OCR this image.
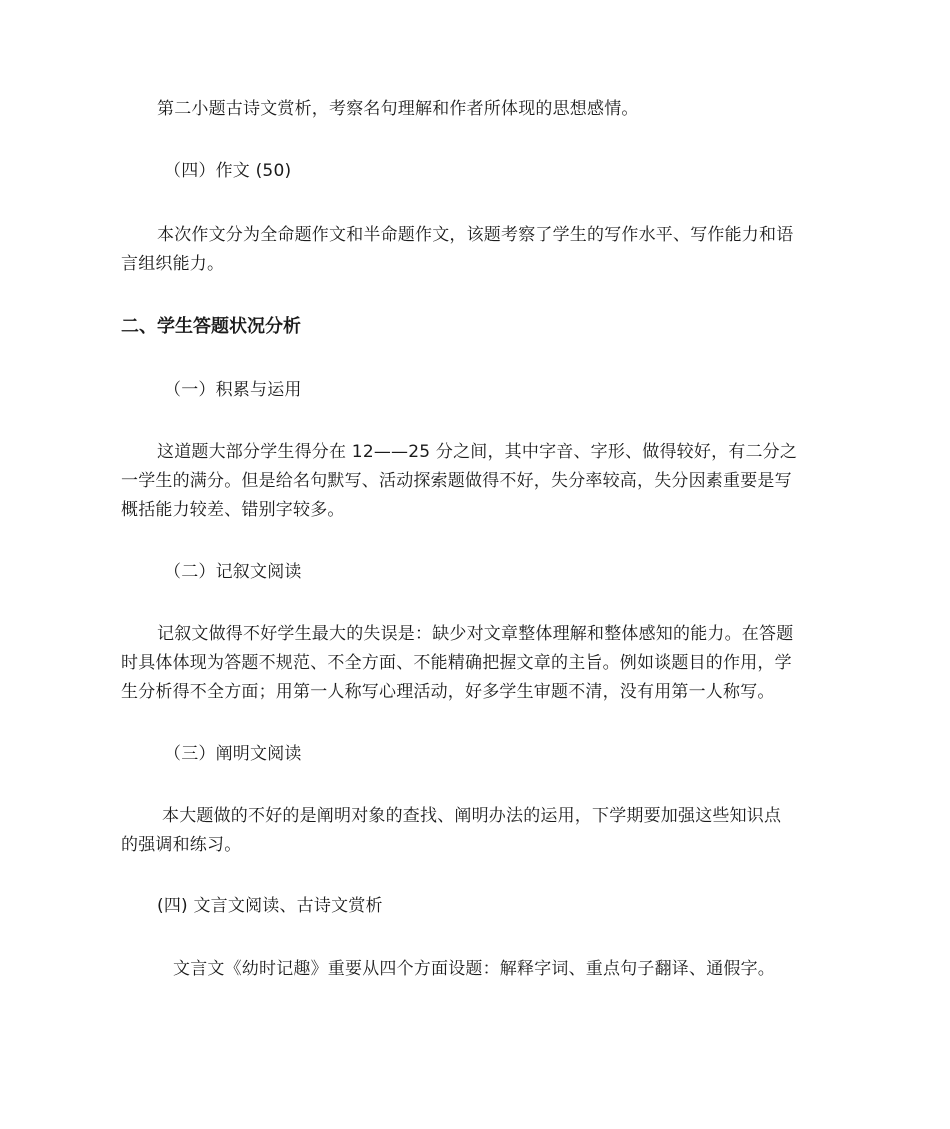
第二小题古诗文赏析，考察名句理解和作者所体现的思想感情。
（四）作文 (50)
本次作文分为全命题作文和半命题作文，该题考察了学生的写作水平、写作能力和语
言组织能力。
二、学生答题状况分析
（一）积累与运用
这道题大部分学生得分在 12——25 分之间，其中字音、字形、做得较好，有二分之
一学生的满分。但是给名句默写、活动探索题做得不好，失分率较高，失分因素重要是写
概括能力较差、错别字较多。
（二）记叙文阅读
记叙文做得不好学生最大的失误是：缺少对文章整体理解和整体感知的能力。在答题
时具体体现为答题不规范、不全方面、不能精确把握文章的主旨。例如谈题目的作用，学
生分析得不全方面；用第一人称写心理活动，好多学生审题不清，没有用第一人称写。
（三）阐明文阅读
本大题做的不好的是阐明对象的查找、阐明办法的运用，下学期要加强这些知识点
的强调和练习。
(四) 文言文阅读、古诗文赏析
文言文《幼时记趣》重要从四个方面设题：解释字词、重点句子翻译、通假字。
